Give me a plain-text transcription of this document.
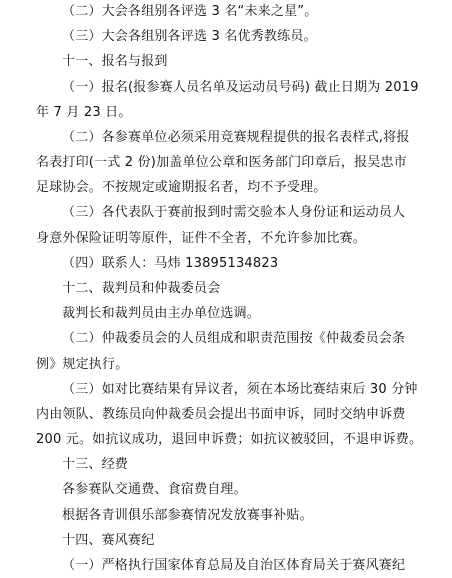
（二）大会各组别各评选 3 名“未来之星”。
（三）大会各组别各评选 3 名优秀教练员。
十一、报名与报到
（一）报名(报参赛人员名单及运动员号码) 截止日期为 2019
年 7 月 23 日。
（二）各参赛单位必须采用竞赛规程提供的报名表样式,将报
名表打印(一式 2 份)加盖单位公章和医务部门印章后，报吴忠市
足球协会。不按规定或逾期报名者，均不予受理。
（三）各代表队于赛前报到时需交验本人身份证和运动员人
身意外保险证明等原件，证件不全者，不允许参加比赛。
（四）联系人：马炜 13895134823
十二、裁判员和仲裁委员会
裁判长和裁判员由主办单位选调。
（二）仲裁委员会的人员组成和职责范围按《仲裁委员会条
例》规定执行。
（三）如对比赛结果有异议者，须在本场比赛结束后 30 分钟
内由领队、教练员向仲裁委员会提出书面申诉，同时交纳申诉费
200 元。如抗议成功，退回申诉费；如抗议被驳回，不退申诉费。
十三、经费
各参赛队交通费、食宿费自理。
根据各青训俱乐部参赛情况发放赛事补贴。
十四、赛风赛纪
（一）严格执行国家体育总局及自治区体育局关于赛风赛纪
